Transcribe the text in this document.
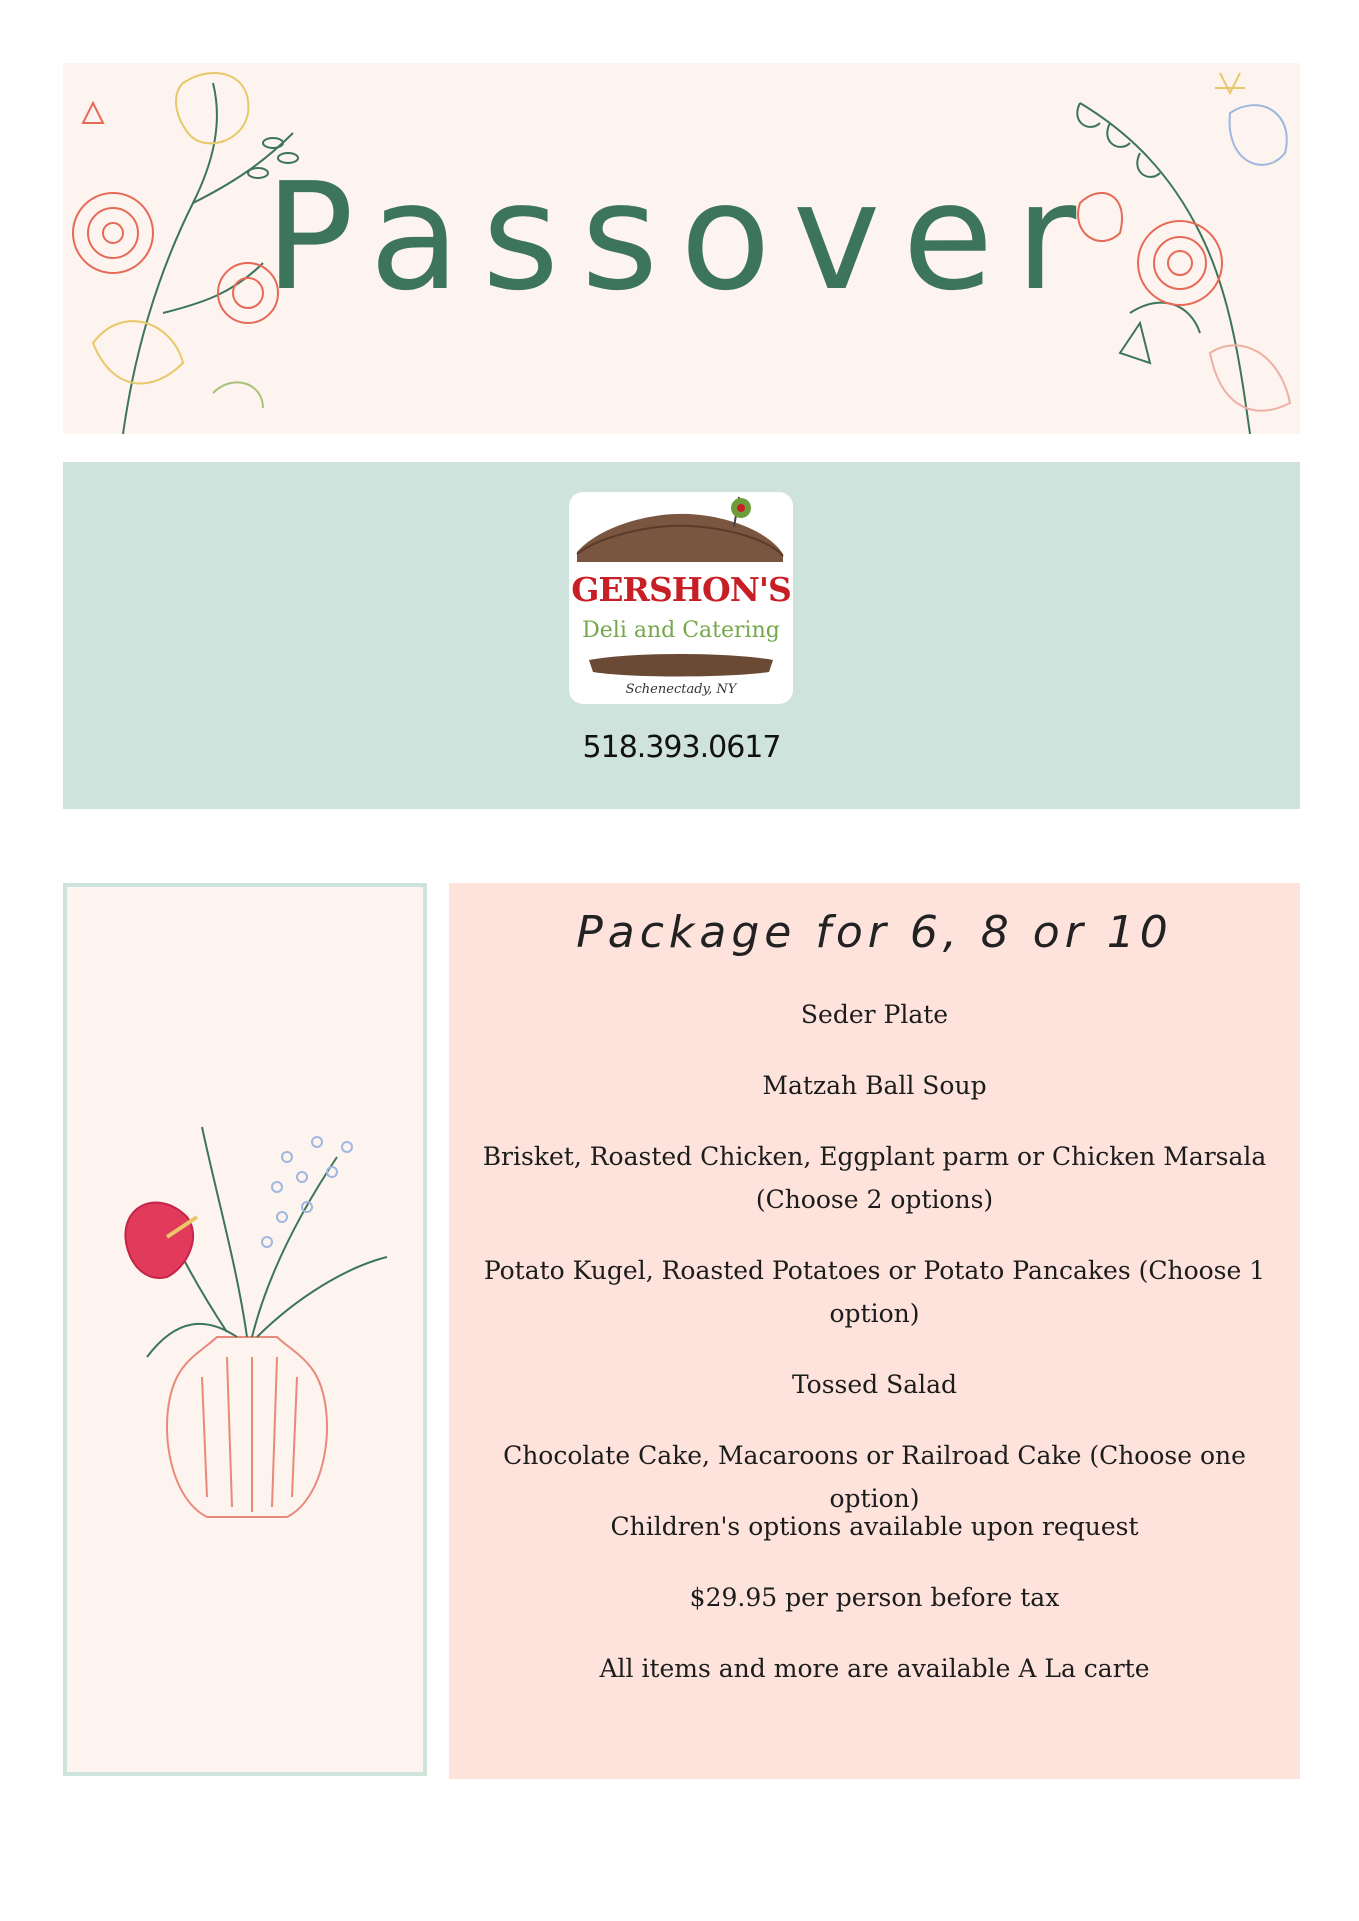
Passover
GERSHON'S
Deli and Catering
Schenectady, NY
518.393.0617
Package for 6, 8 or 10
Seder Plate
Matzah Ball Soup
Brisket, Roasted Chicken, Eggplant parm or Chicken Marsala (Choose 2 options)
Potato Kugel, Roasted Potatoes or Potato Pancakes (Choose 1 option)
Tossed Salad
Chocolate Cake, Macaroons or Railroad Cake (Choose one option)
Children's options available upon request
$29.95 per person before tax
All items and more are available A La carte
